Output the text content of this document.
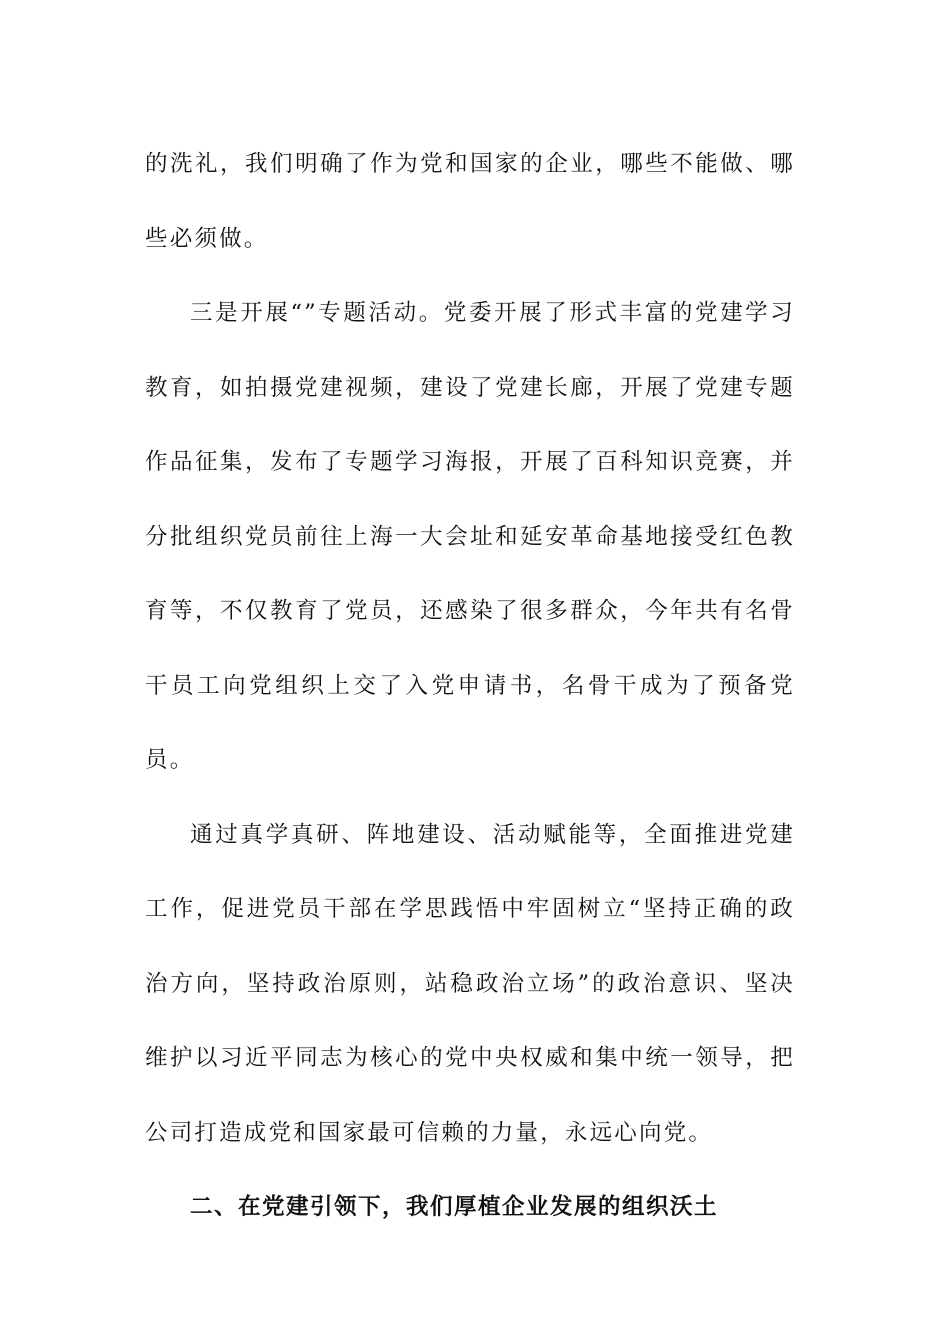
的洗礼，我们明确了作为党和国家的企业，哪些不能做、哪些必须做。

三是开展“”专题活动。党委开展了形式丰富的党建学习教育，如拍摄党建视频，建设了党建长廊，开展了党建专题作品征集，发布了专题学习海报，开展了百科知识竞赛，并分批组织党员前往上海一大会址和延安革命基地接受红色教育等，不仅教育了党员，还感染了很多群众，今年共有名骨干员工向党组织上交了入党申请书，名骨干成为了预备党员。

通过真学真研、阵地建设、活动赋能等，全面推进党建工作，促进党员干部在学思践悟中牢固树立“坚持正确的政治方向，坚持政治原则，站稳政治立场”的政治意识、坚决维护以习近平同志为核心的党中央权威和集中统一领导，把公司打造成党和国家最可信赖的力量，永远心向党。

二、在党建引领下，我们厚植企业发展的组织沃土
